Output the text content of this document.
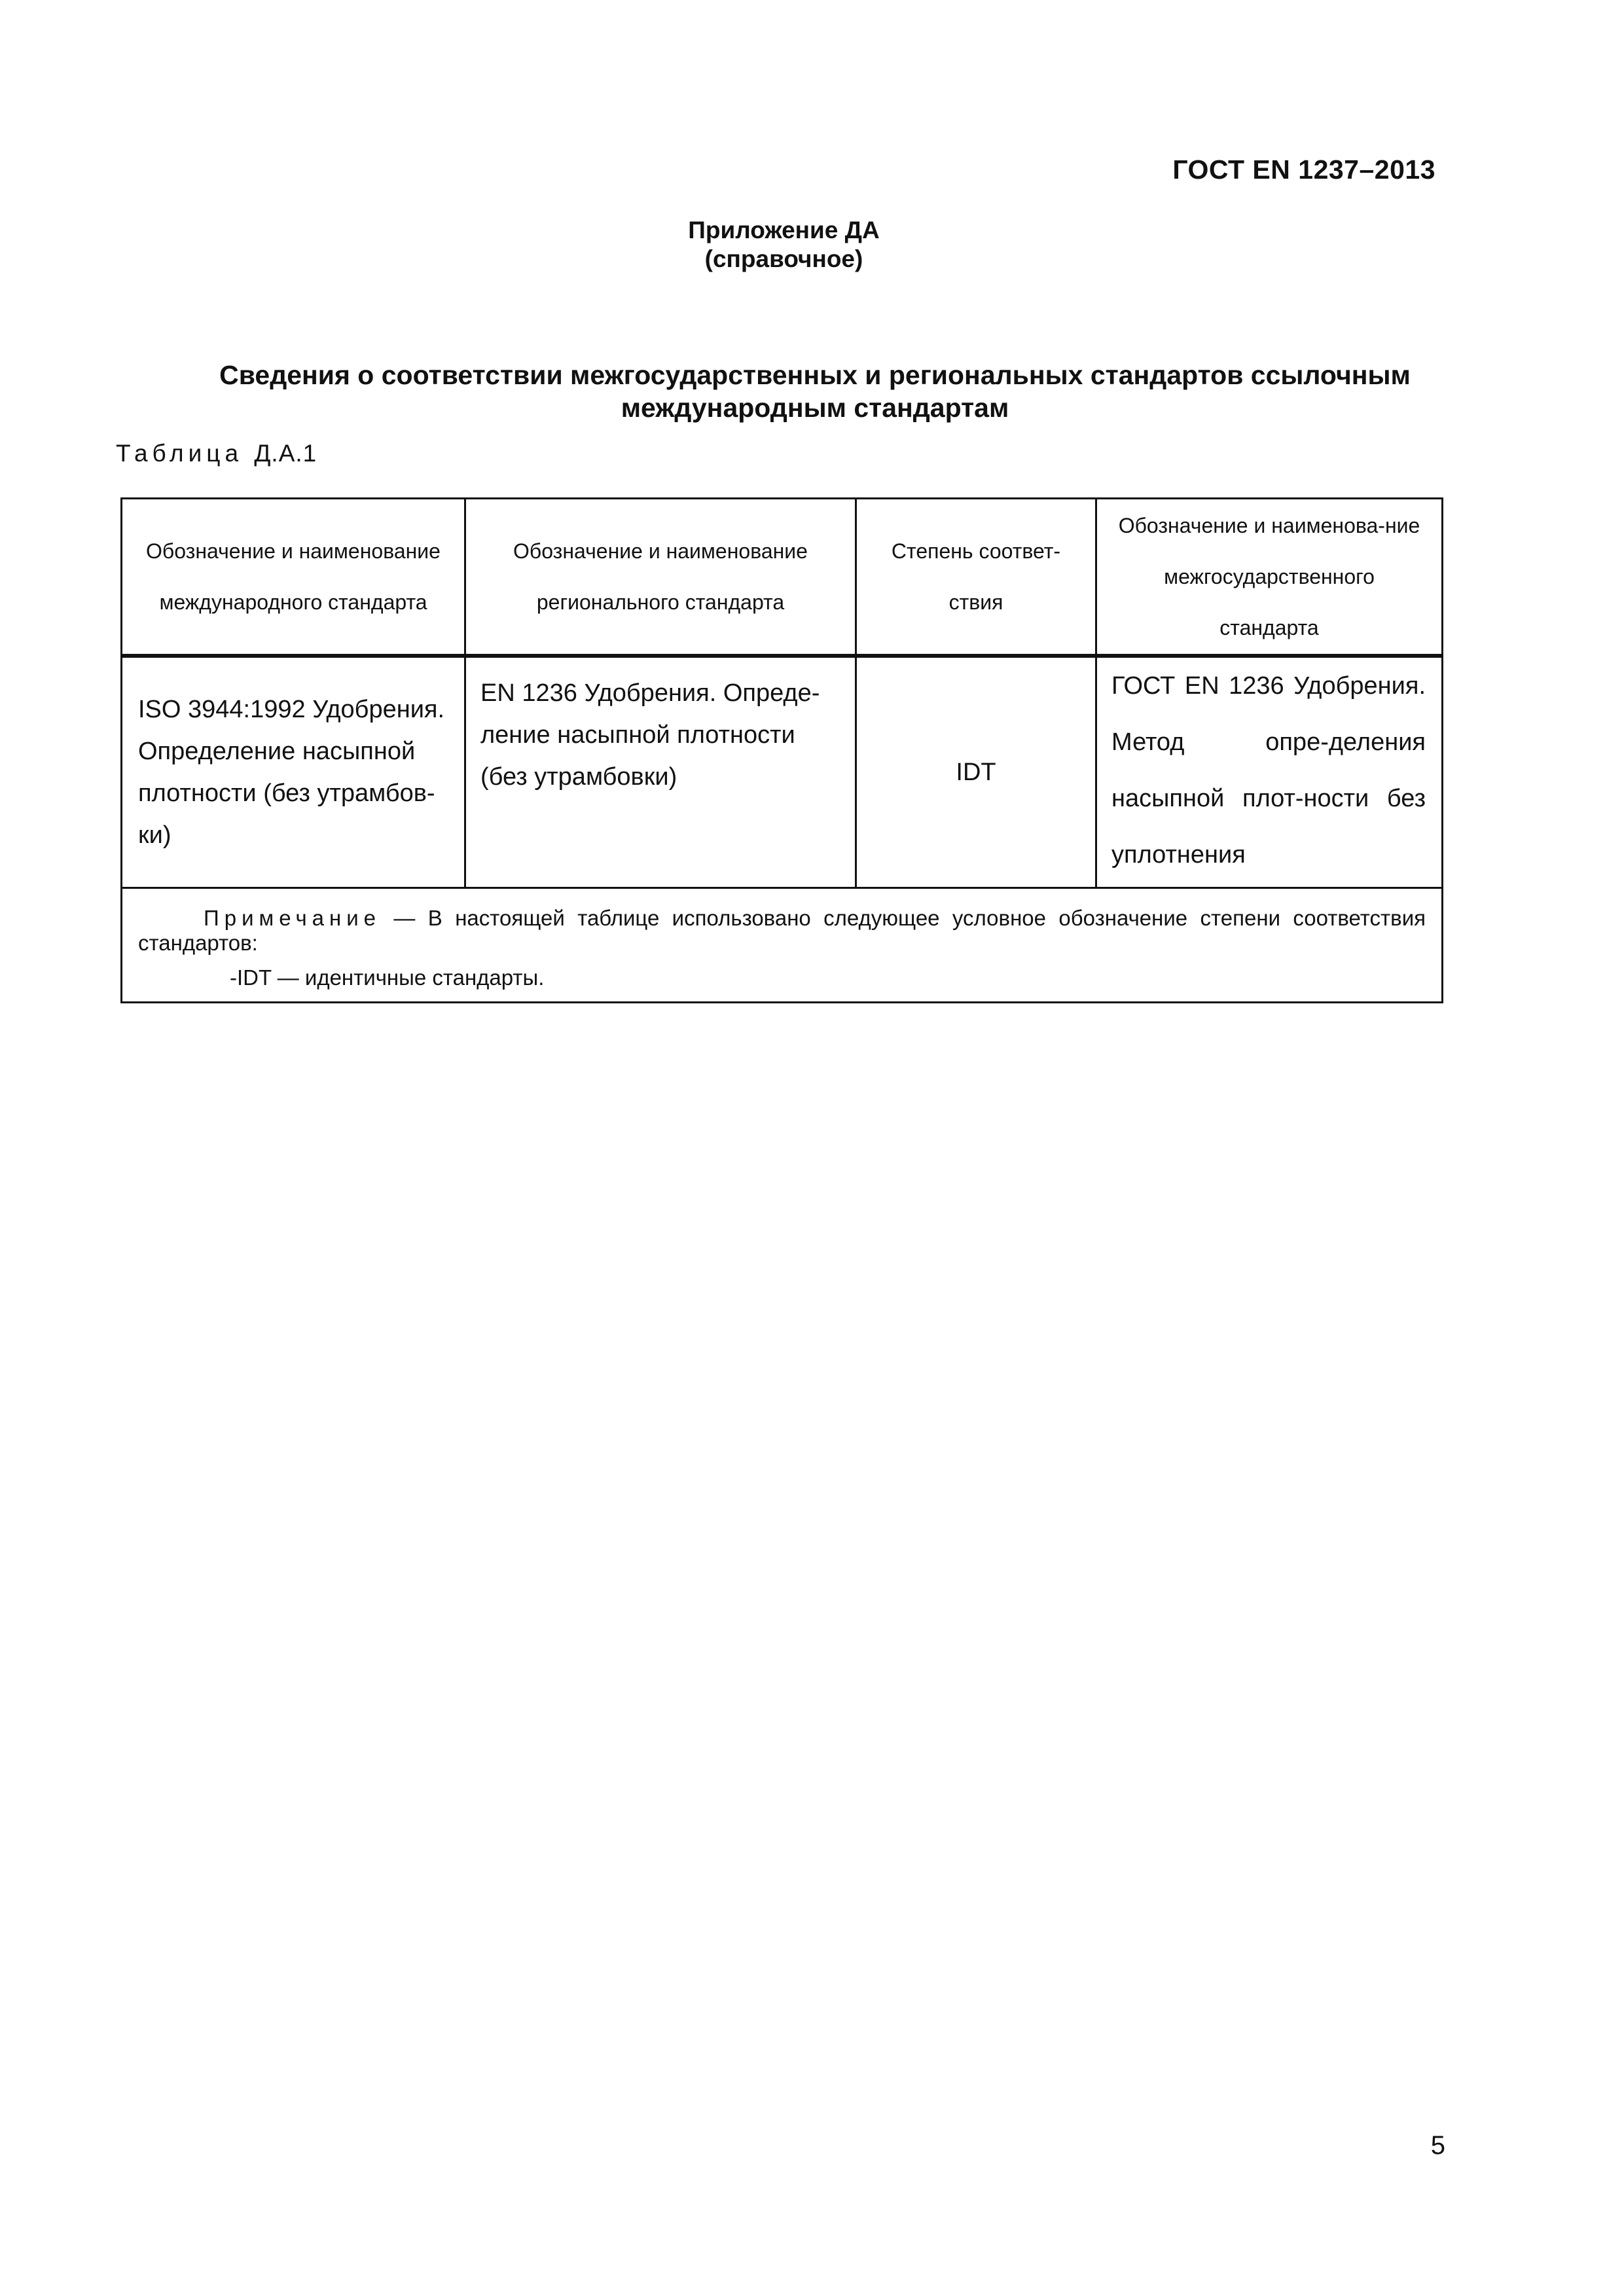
ГОСТ EN 1237–2013
Приложение ДА
(справочное)
Сведения о соответствии межгосударственных и региональных стандартов ссылочным
международным стандартам
Таблица Д.А.1
Обозначение и наименование международного стандарта	Обозначение и наименование регионального стандарта	Степень соответ-ствия	Обозначение и наименова-ние межгосударственного стандарта

ISO 3944:1992 Удобрения. Определение насыпной плотности (без утрамбов-ки)	EN 1236 Удобрения. Опреде-ление насыпной плотности (без утрамбовки)	IDT	ГОСТ EN 1236 Удобрения. Метод опре-деления насыпной плот-ности без уплотнения

Примечание — В настоящей таблице использовано следующее условное обозначение степени соответствия стандартов:
-IDT — идентичные стандарты.			
5
